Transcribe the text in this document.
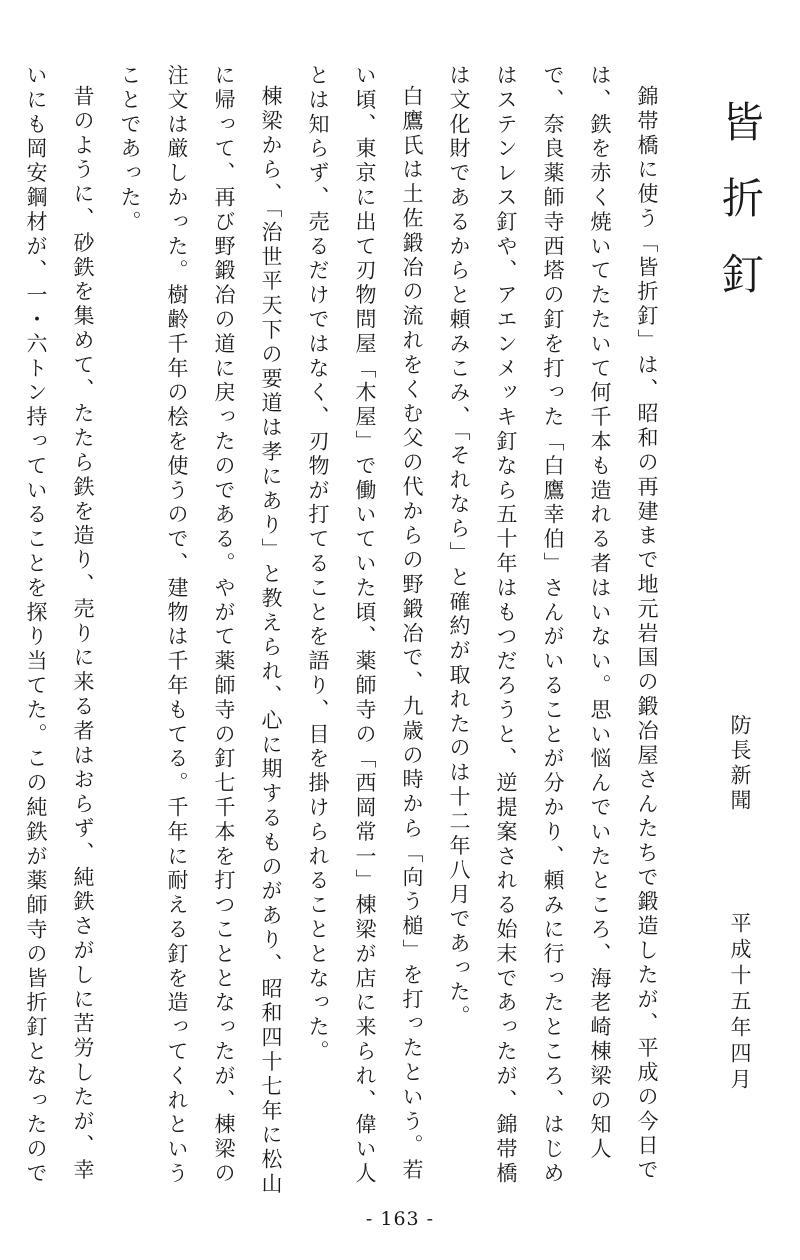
皆折釘
防長新聞
平成十五年四月

錦帯橋に使う「皆折釘」は、昭和の再建まで地元岩国の鍛冶屋さんたちで鍛造したが、平成の今日では、鉄を赤く焼いてたたいて何千本も造れる者はいない。思い悩んでいたところ、海老崎棟梁の知人で、奈良薬師寺西塔の釘を打った「白鷹幸伯」さんがいることが分かり、頼みに行ったところ、はじめはステンレス釘や、アエンメッキ釘なら五十年はもつだろうと、逆提案される始末であったが、錦帯橋は文化財であるからと頼みこみ、「それなら」と確約が取れたのは十二年八月であった。

白鷹氏は土佐鍛冶の流れをくむ父の代からの野鍛冶で、九歳の時から「向う槌」を打ったという。若い頃、東京に出て刃物問屋「木屋」で働いていた頃、薬師寺の「西岡常一」棟梁が店に来られ、偉い人とは知らず、売るだけではなく、刃物が打てることを語り、目を掛けられることとなった。

棟梁から、「治世平天下の要道は孝にあり」と教えられ、心に期するものがあり、昭和四十七年に松山に帰って、再び野鍛冶の道に戻ったのである。やがて薬師寺の釘七千本を打つこととなったが、棟梁の注文は厳しかった。樹齢千年の桧を使うので、建物は千年もてる。千年に耐える釘を造ってくれということであった。

昔のように、砂鉄を集めて、たたら鉄を造り、売りに来る者はおらず、純鉄さがしに苦労したが、幸いにも岡安鋼材が、一・六トン持っていることを探り当てた。この純鉄が薬師寺の皆折釘となったので

- 163 -
